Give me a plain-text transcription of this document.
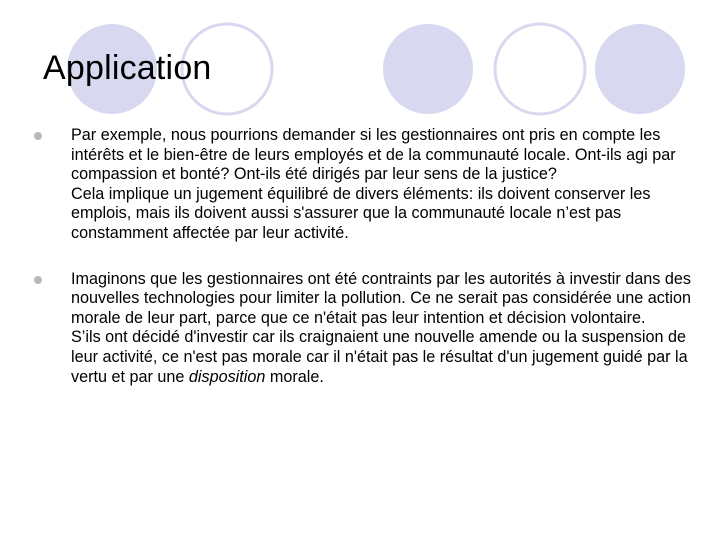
Application
Par exemple, nous pourrions demander si les gestionnaires ont pris en compte les intérêts et le bien-être de leurs employés et de la communauté locale. Ont-ils agi par compassion et bonté? Ont-ils été dirigés par leur sens de la justice?
Cela implique un jugement équilibré de divers éléments: ils doivent conserver les emplois, mais ils doivent aussi s'assurer que la communauté locale n’est pas constamment affectée par leur activité.
Imaginons que les gestionnaires ont été contraints par les autorités à investir dans des nouvelles technologies pour limiter la pollution. Ce ne serait pas considérée une action morale de leur part, parce que ce n'était pas leur intention et décision volontaire.
S’ils ont décidé d'investir car ils craignaient une nouvelle amende ou la suspension de leur activité, ce n'est pas morale car il n'était pas le résultat d'un jugement guidé par la vertu et par une disposition morale.
